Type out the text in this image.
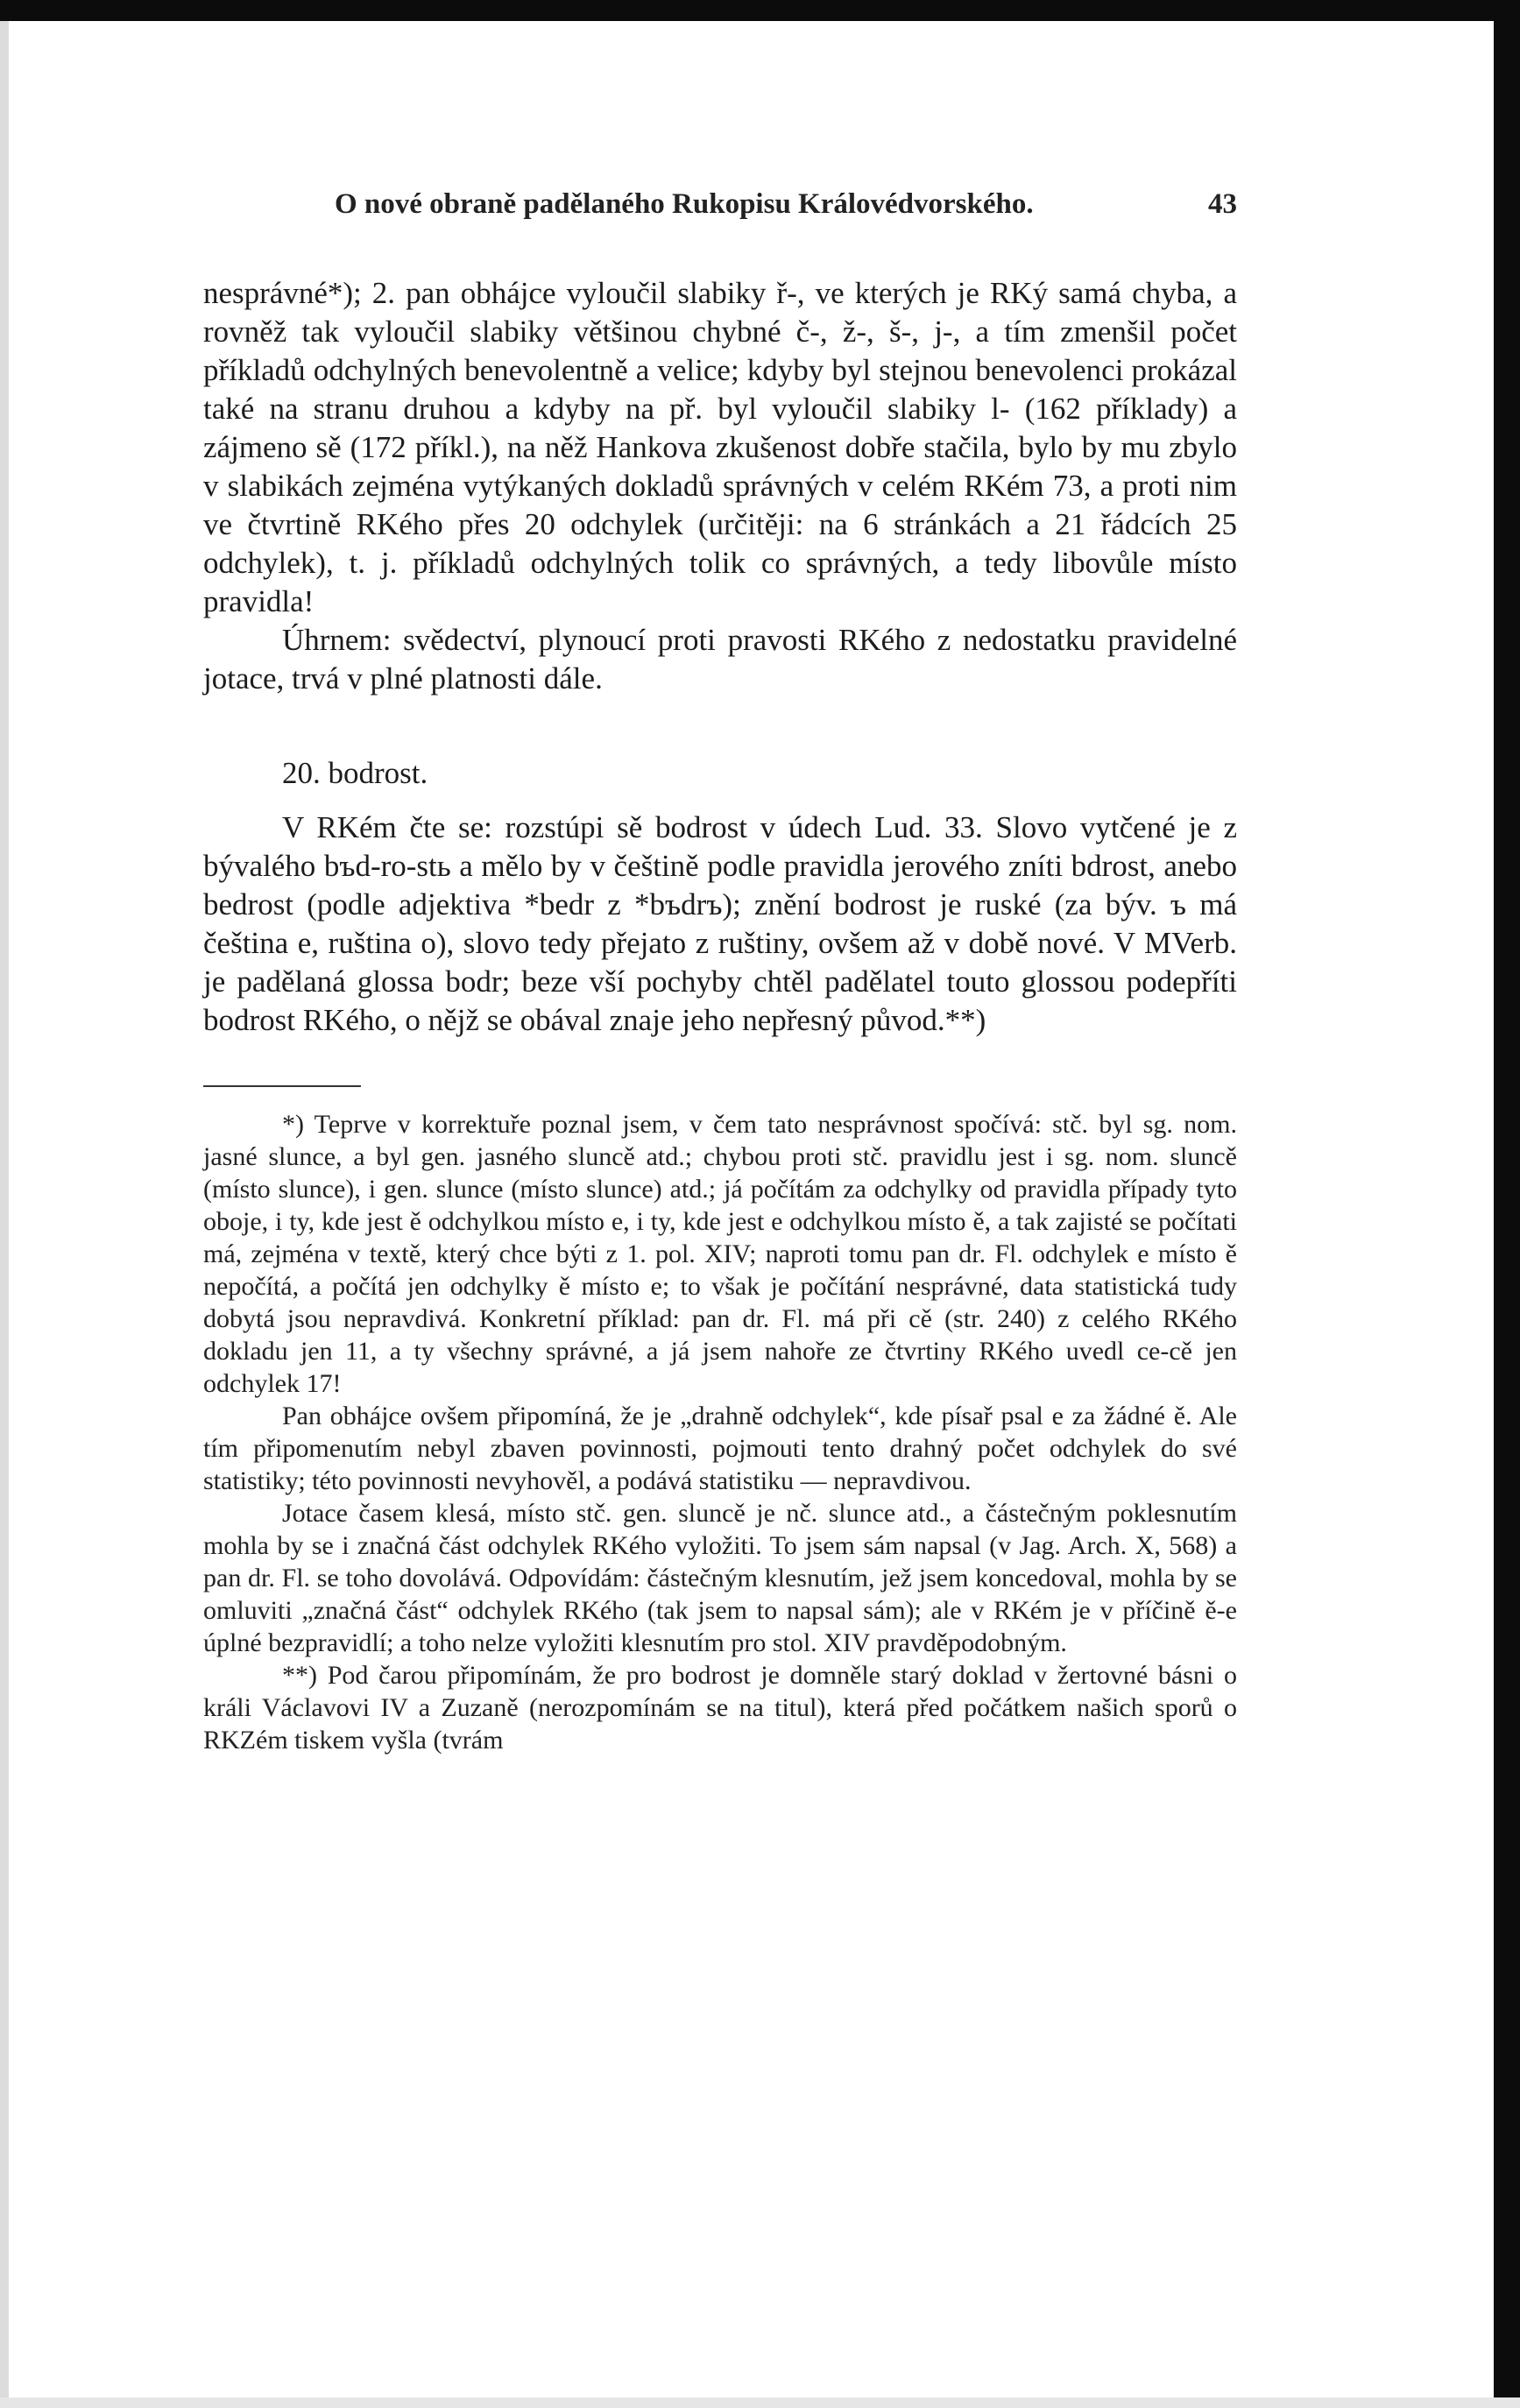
O nové obraně padělaného Rukopisu Královédvorského.	43

nesprávné*); 2. pan obhájce vyloučil slabiky ř-, ve kterých je RKý samá chyba, a rovněž tak vyloučil slabiky většinou chybné č-, ž-, š-, j-, a tím zmenšil počet příkladů odchylných benevolentně a velice; kdyby byl stejnou benevolenci prokázal také na stranu druhou a kdyby na př. byl vyloučil slabiky l- (162 příklady) a zájmeno sě (172 příkl.), na něž Hankova zkušenost dobře stačila, bylo by mu zbylo v slabikách zejména vytýkaných dokladů správných v celém RKém 73, a proti nim ve čtvrtině RKého přes 20 odchylek (určitěji: na 6 stránkách a 21 řádcích 25 odchylek), t. j. příkladů odchylných tolik co správných, a tedy libovůle místo pravidla!

Úhrnem: svědectví, plynoucí proti pravosti RKého z nedostatku pravidelné jotace, trvá v plné platnosti dále.

20. bodrost.

V RKém čte se: rozstúpi sě bodrost v údech Lud. 33. Slovo vytčené je z bývalého bъd-ro-stь a mělo by v češtině podle pravidla jerového zníti bdrost, anebo bedrost (podle adjektiva *bedr z *bъdrъ); znění bodrost je ruské (za býv. ъ má čeština e, ruština o), slovo tedy přejato z ruštiny, ovšem až v době nové. V MVerb. je padělaná glossa bodr; beze vší pochyby chtěl padělatel touto glossou podepříti bodrost RKého, o nějž se obával znaje jeho nepřesný původ.**)

*) Teprve v korrektuře poznal jsem, v čem tato nesprávnost spočívá: stč. byl sg. nom. jasné slunce, a byl gen. jasného sluncě atd.; chybou proti stč. pravidlu jest i sg. nom. sluncě (místo slunce), i gen. slunce (místo slunce) atd.; já počítám za odchylky od pravidla případy tyto oboje, i ty, kde jest ě odchylkou místo e, i ty, kde jest e odchylkou místo ě, a tak zajisté se počítati má, zejména v textě, který chce býti z 1. pol. XIV; naproti tomu pan dr. Fl. odchylek e místo ě nepočítá, a počítá jen odchylky ě místo e; to však je počítání nesprávné, data statistická tudy dobytá jsou nepravdivá. Konkretní příklad: pan dr. Fl. má při cě (str. 240) z celého RKého dokladu jen 11, a ty všechny správné, a já jsem nahoře ze čtvrtiny RKého uvedl ce-cě jen odchylek 17!

Pan obhájce ovšem připomíná, že je „drahně odchylek“, kde písař psal e za žádné ě. Ale tím připomenutím nebyl zbaven povinnosti, pojmouti tento drahný počet odchylek do své statistiky; této povinnosti nevyhověl, a podává statistiku — nepravdivou.

Jotace časem klesá, místo stč. gen. sluncě je nč. slunce atd., a částečným poklesnutím mohla by se i značná část odchylek RKého vyložiti. To jsem sám napsal (v Jag. Arch. X, 568) a pan dr. Fl. se toho dovolává. Odpovídám: částečným klesnutím, jež jsem koncedoval, mohla by se omluviti „značná část“ odchylek RKého (tak jsem to napsal sám); ale v RKém je v příčině ě-e úplné bezpravidlí; a toho nelze vyložiti klesnutím pro stol. XIV pravděpodobným.

**) Pod čarou připomínám, že pro bodrost je domněle starý doklad v žertovné básni o králi Václavovi IV a Zuzaně (nerozpomínám se na titul), která před počátkem našich sporů o RKZém tiskem vyšla (tvrám
